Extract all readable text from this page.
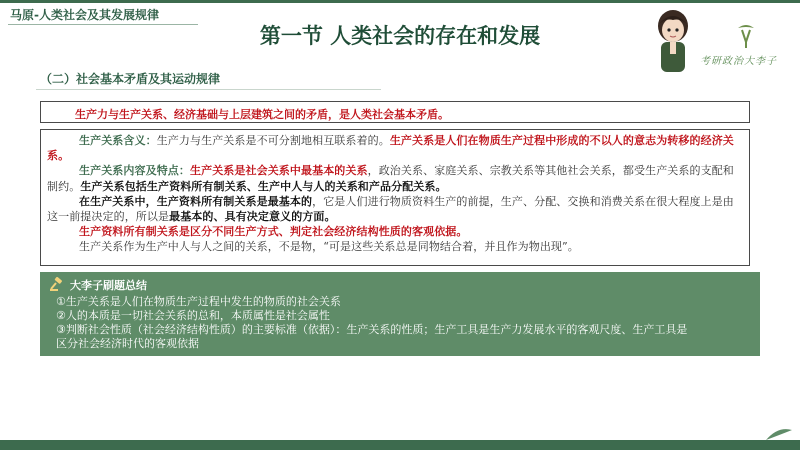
马原-人类社会及其发展规律
第一节 人类社会的存在和发展
考研政治大李子
（二）社会基本矛盾及其运动规律
生产力与生产关系、经济基础与上层建筑之间的矛盾，是人类社会基本矛盾。
生产关系含义：生产力与生产关系是不可分割地相互联系着的。生产关系是人们在物质生产过程中形成的不以人的意志为转移的经济关系。
生产关系内容及特点：生产关系是社会关系中最基本的关系，政治关系、家庭关系、宗教关系等其他社会关系，都受生产关系的支配和制约。生产关系包括生产资料所有制关系、生产中人与人的关系和产品分配关系。
在生产关系中，生产资料所有制关系是最基本的，它是人们进行物质资料生产的前提，生产、分配、交换和消费关系在很大程度上是由这一前提决定的，所以是最基本的、具有决定意义的方面。
生产资料所有制关系是区分不同生产方式、判定社会经济结构性质的客观依据。
生产关系作为生产中人与人之间的关系，不是物，“可是这些关系总是同物结合着，并且作为物出现”。
大李子刷题总结
①生产关系是人们在物质生产过程中发生的物质的社会关系
②人的本质是一切社会关系的总和，本质属性是社会属性
③判断社会性质（社会经济结构性质）的主要标准（依据）：生产关系的性质；生产工具是生产力发展水平的客观尺度、生产工具是
区分社会经济时代的客观依据
